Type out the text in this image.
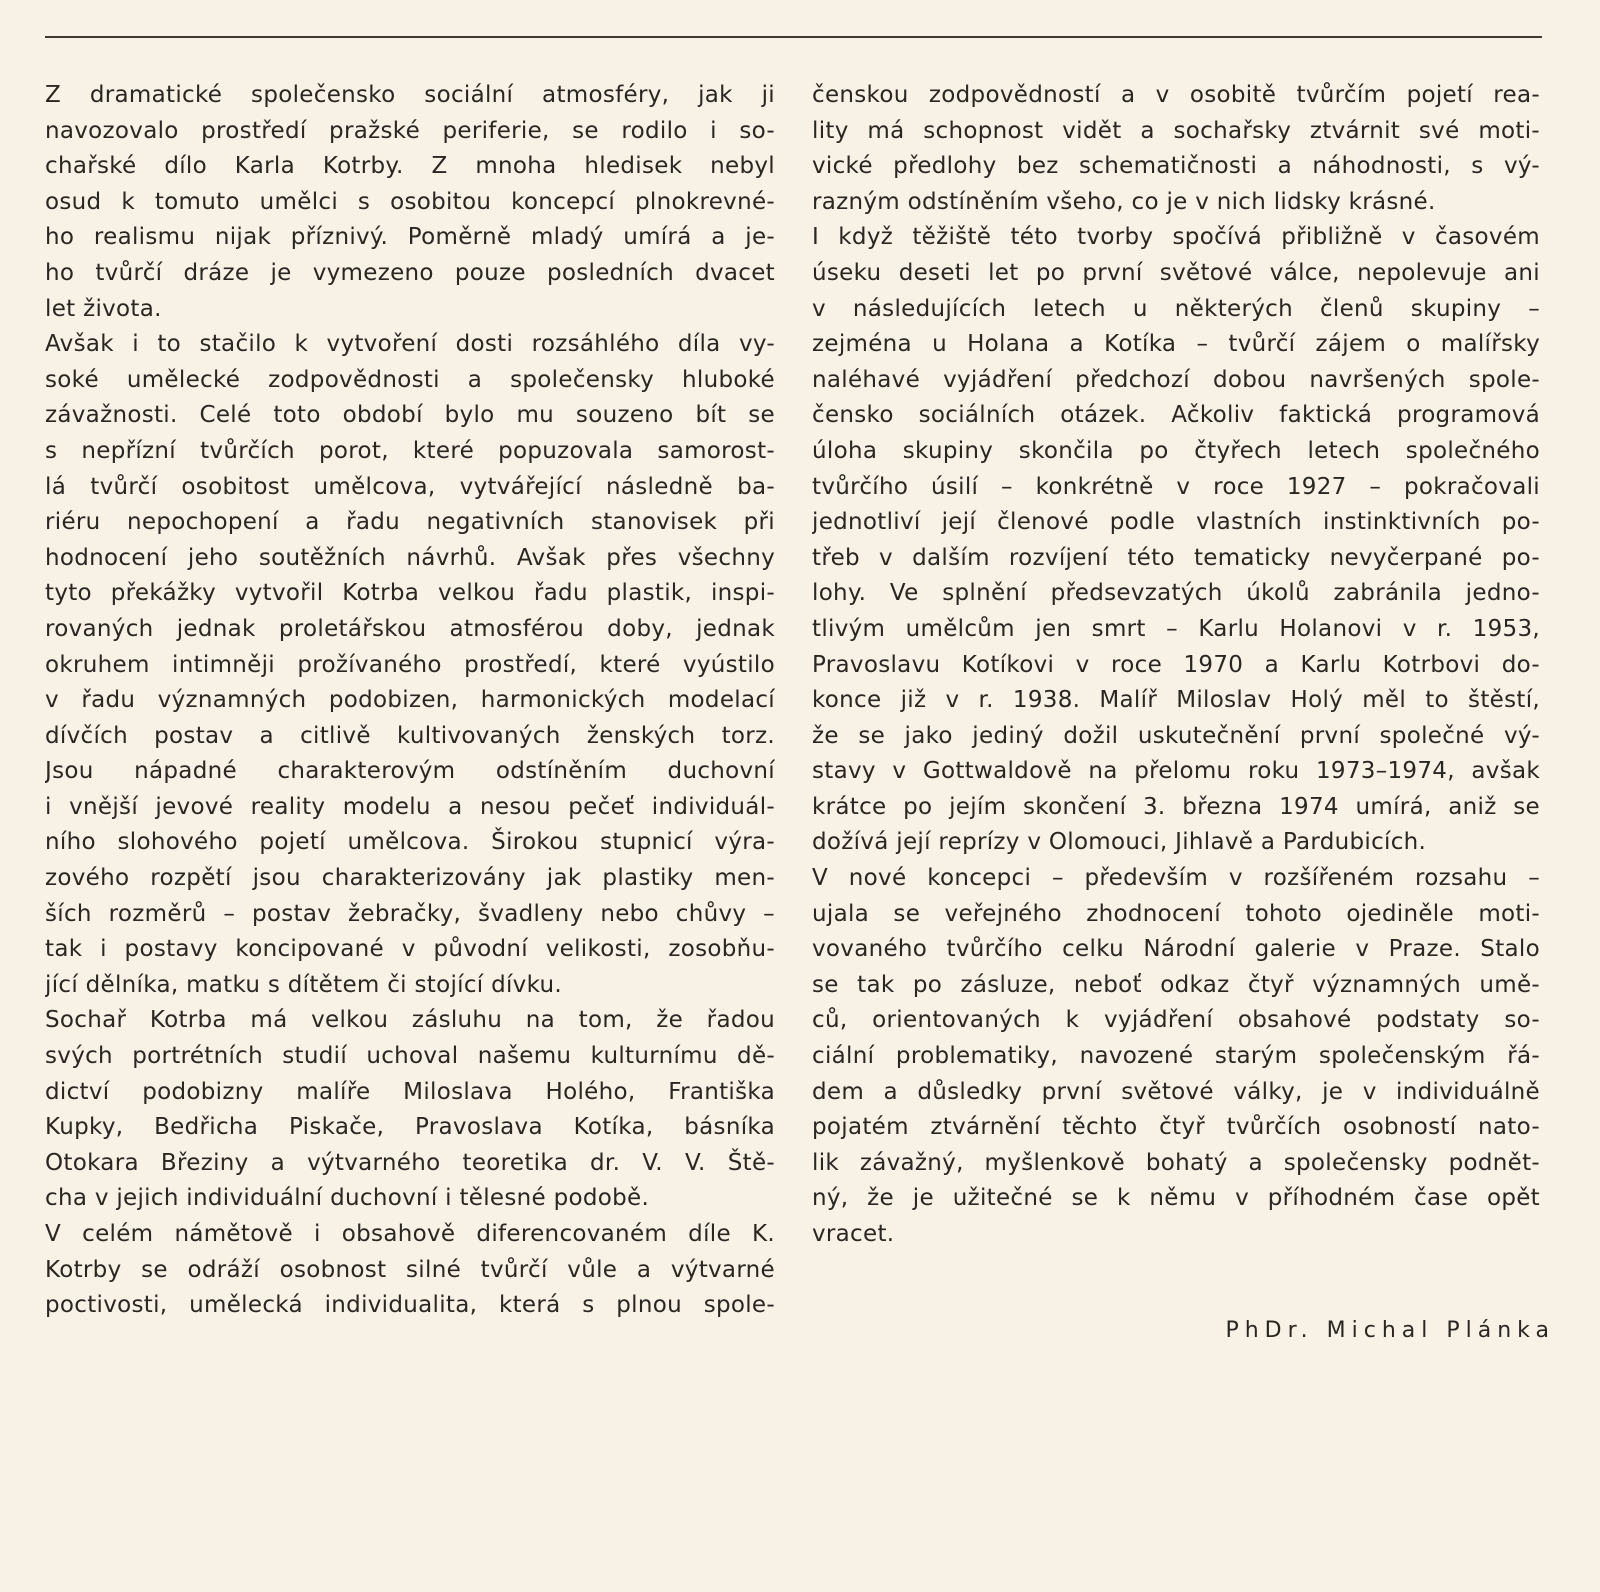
Z dramatické společensko sociální atmosféry, jak ji
navozovalo prostředí pražské periferie, se rodilo i so-
chařské dílo Karla Kotrby. Z mnoha hledisek nebyl
osud k tomuto umělci s osobitou koncepcí plnokrevné-
ho realismu nijak příznivý. Poměrně mladý umírá a je-
ho tvůrčí dráze je vymezeno pouze posledních dvacet
let života.
Avšak i to stačilo k vytvoření dosti rozsáhlého díla vy-
soké umělecké zodpovědnosti a společensky hluboké
závažnosti. Celé toto období bylo mu souzeno bít se
s nepřízní tvůrčích porot, které popuzovala samorost-
lá tvůrčí osobitost umělcova, vytvářející následně ba-
riéru nepochopení a řadu negativních stanovisek při
hodnocení jeho soutěžních návrhů. Avšak přes všechny
tyto překážky vytvořil Kotrba velkou řadu plastik, inspi-
rovaných jednak proletářskou atmosférou doby, jednak
okruhem intimněji prožívaného prostředí, které vyústilo
v řadu významných podobizen, harmonických modelací
dívčích postav a citlivě kultivovaných ženských torz.
Jsou nápadné charakterovým odstíněním duchovní
i vnější jevové reality modelu a nesou pečeť individuál-
ního slohového pojetí umělcova. Širokou stupnicí výra-
zového rozpětí jsou charakterizovány jak plastiky men-
ších rozměrů – postav žebračky, švadleny nebo chůvy –
tak i postavy koncipované v původní velikosti, zosobňu-
jící dělníka, matku s dítětem či stojící dívku.
Sochař Kotrba má velkou zásluhu na tom, že řadou
svých portrétních studií uchoval našemu kulturnímu dě-
dictví podobizny malíře Miloslava Holého, Františka
Kupky, Bedřicha Piskače, Pravoslava Kotíka, básníka
Otokara Březiny a výtvarného teoretika dr. V. V. Ště-
cha v jejich individuální duchovní i tělesné podobě.
V celém námětově i obsahově diferencovaném díle K.
Kotrby se odráží osobnost silné tvůrčí vůle a výtvarné
poctivosti, umělecká individualita, která s plnou spole-
čenskou zodpovědností a v osobitě tvůrčím pojetí rea-
lity má schopnost vidět a sochařsky ztvárnit své moti-
vické předlohy bez schematičnosti a náhodnosti, s vý-
razným odstíněním všeho, co je v nich lidsky krásné.
I když těžiště této tvorby spočívá přibližně v časovém
úseku deseti let po první světové válce, nepolevuje ani
v následujících letech u některých členů skupiny –
zejména u Holana a Kotíka – tvůrčí zájem o malířsky
naléhavé vyjádření předchozí dobou navršených spole-
čensko sociálních otázek. Ačkoliv faktická programová
úloha skupiny skončila po čtyřech letech společného
tvůrčího úsilí – konkrétně v roce 1927 – pokračovali
jednotliví její členové podle vlastních instinktivních po-
třeb v dalším rozvíjení této tematicky nevyčerpané po-
lohy. Ve splnění předsevzatých úkolů zabránila jedno-
tlivým umělcům jen smrt – Karlu Holanovi v r. 1953,
Pravoslavu Kotíkovi v roce 1970 a Karlu Kotrbovi do-
konce již v r. 1938. Malíř Miloslav Holý měl to štěstí,
že se jako jediný dožil uskutečnění první společné vý-
stavy v Gottwaldově na přelomu roku 1973–1974, avšak
krátce po jejím skončení 3. března 1974 umírá, aniž se
dožívá její reprízy v Olomouci, Jihlavě a Pardubicích.
V nové koncepci – především v rozšířeném rozsahu –
ujala se veřejného zhodnocení tohoto ojediněle moti-
vovaného tvůrčího celku Národní galerie v Praze. Stalo
se tak po zásluze, neboť odkaz čtyř významných umě-
ců, orientovaných k vyjádření obsahové podstaty so-
ciální problematiky, navozené starým společenským řá-
dem a důsledky první světové války, je v individuálně
pojatém ztvárnění těchto čtyř tvůrčích osobností nato-
lik závažný, myšlenkově bohatý a společensky podnět-
ný, že je užitečné se k němu v příhodném čase opět
vracet.
PhDr. Michal Plánka
